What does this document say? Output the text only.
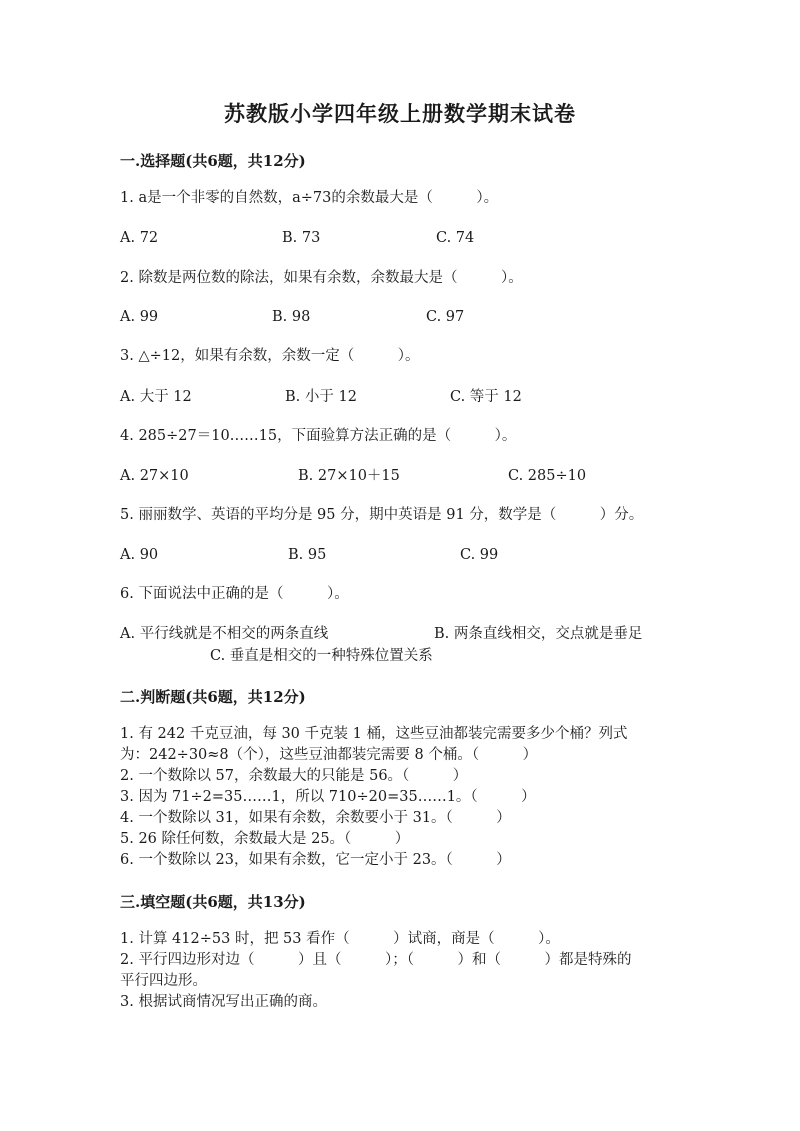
苏教版小学四年级上册数学期末试卷
一.选择题(共6题，共12分)
1. a是一个非零的自然数，a÷73的余数最大是（　　　）。
A. 72	B. 73	C. 74
2. 除数是两位数的除法，如果有余数，余数最大是（　　　）。
A. 99	B. 98	C. 97
3. △÷12，如果有余数，余数一定（　　　）。
A. 大于 12	B. 小于 12	C. 等于 12
4. 285÷27＝10……15，下面验算方法正确的是（　　　）。
A. 27×10	B. 27×10＋15	C. 285÷10
5. 丽丽数学、英语的平均分是 95 分，期中英语是 91 分，数学是（　　　）分。
A. 90	B. 95	C. 99
6. 下面说法中正确的是（　　　）。
A. 平行线就是不相交的两条直线	B. 两条直线相交，交点就是垂足
C. 垂直是相交的一种特殊位置关系
二.判断题(共6题，共12分)
1. 有 242 千克豆油，每 30 千克装 1 桶，这些豆油都装完需要多少个桶？列式
为：242÷30≈8（个），这些豆油都装完需要 8 个桶。（　　　）
2. 一个数除以 57，余数最大的只能是 56。（　　　）
3. 因为 71÷2=35……1，所以 710÷20=35……1。（　　　）
4. 一个数除以 31，如果有余数，余数要小于 31。（　　　）
5. 26 除任何数，余数最大是 25。（　　　）
6. 一个数除以 23，如果有余数，它一定小于 23。（　　　）
三.填空题(共6题，共13分)
1. 计算 412÷53 时，把 53 看作（　　　）试商，商是（　　　）。
2. 平行四边形对边（　　　）且（　　　）；（　　　）和（　　　）都是特殊的
平行四边形。
3. 根据试商情况写出正确的商。
